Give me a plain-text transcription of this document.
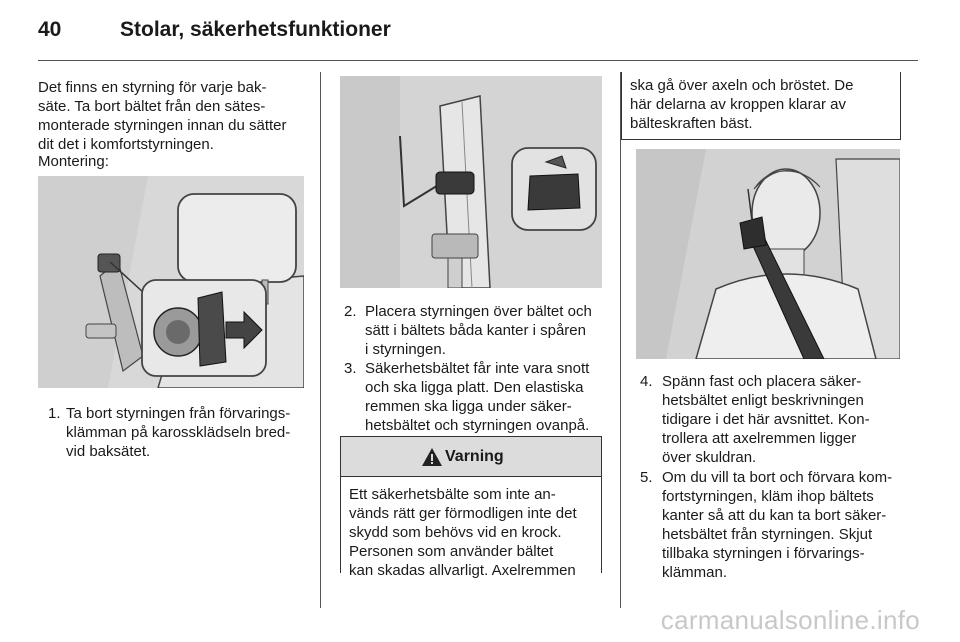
40	Stolar, säkerhetsfunktioner
Det finns en styrning för varje bak-
säte. Ta bort bältet från den sätes-
monterade styrningen innan du sätter
dit det i komfortstyrningen.
Montering:
1. Ta bort styrningen från förvarings-
klämman på karossklädseln bred-
vid baksätet.
2. Placera styrningen över bältet och
sätt i bältets båda kanter i spåren
i styrningen.
3. Säkerhetsbältet får inte vara snott
och ska ligga platt. Den elastiska
remmen ska ligga under säker-
hetsbältet och styrningen ovanpå.
Varning
Ett säkerhetsbälte som inte an-
vänds rätt ger förmodligen inte det
skydd som behövs vid en krock.
Personen som använder bältet
kan skadas allvarligt. Axelremmen
ska gå över axeln och bröstet. De
här delarna av kroppen klarar av
bälteskraften bäst.
4. Spänn fast och placera säker-
hetsbältet enligt beskrivningen
tidigare i det här avsnittet. Kon-
trollera att axelremmen ligger
över skuldran.
5. Om du vill ta bort och förvara kom-
fortstyrningen, kläm ihop bältets
kanter så att du kan ta bort säker-
hetsbältet från styrningen. Skjut
tillbaka styrningen i förvarings-
klämman.
carmanualsonline.info
